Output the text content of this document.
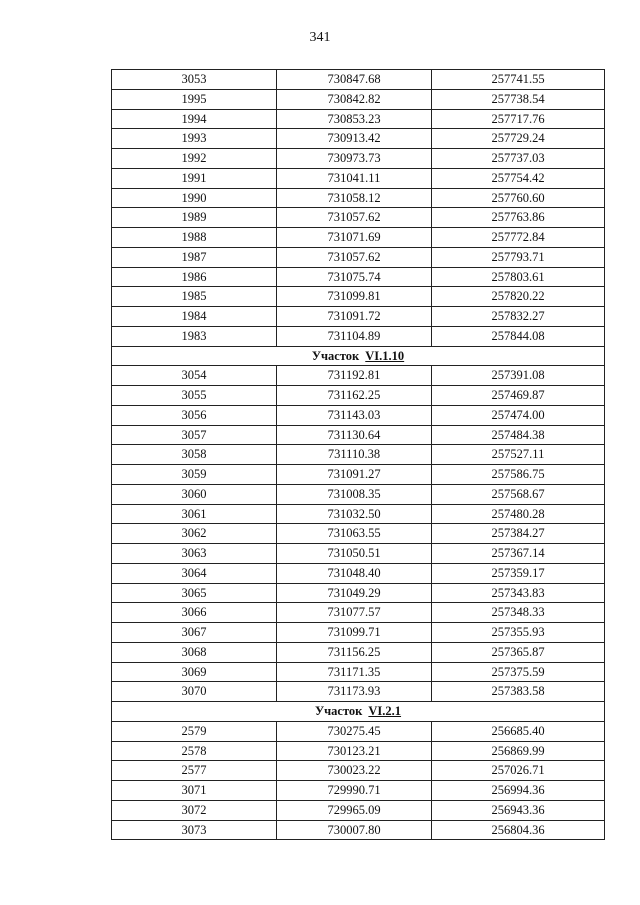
341
3053	730847.68	257741.55
1995	730842.82	257738.54
1994	730853.23	257717.76
1993	730913.42	257729.24
1992	730973.73	257737.03
1991	731041.11	257754.42
1990	731058.12	257760.60
1989	731057.62	257763.86
1988	731071.69	257772.84
1987	731057.62	257793.71
1986	731075.74	257803.61
1985	731099.81	257820.22
1984	731091.72	257832.27
1983	731104.89	257844.08
Участок VI.1.10		
3054	731192.81	257391.08
3055	731162.25	257469.87
3056	731143.03	257474.00
3057	731130.64	257484.38
3058	731110.38	257527.11
3059	731091.27	257586.75
3060	731008.35	257568.67
3061	731032.50	257480.28
3062	731063.55	257384.27
3063	731050.51	257367.14
3064	731048.40	257359.17
3065	731049.29	257343.83
3066	731077.57	257348.33
3067	731099.71	257355.93
3068	731156.25	257365.87
3069	731171.35	257375.59
3070	731173.93	257383.58
Участок VI.2.1		
2579	730275.45	256685.40
2578	730123.21	256869.99
2577	730023.22	257026.71
3071	729990.71	256994.36
3072	729965.09	256943.36
3073	730007.80	256804.36
